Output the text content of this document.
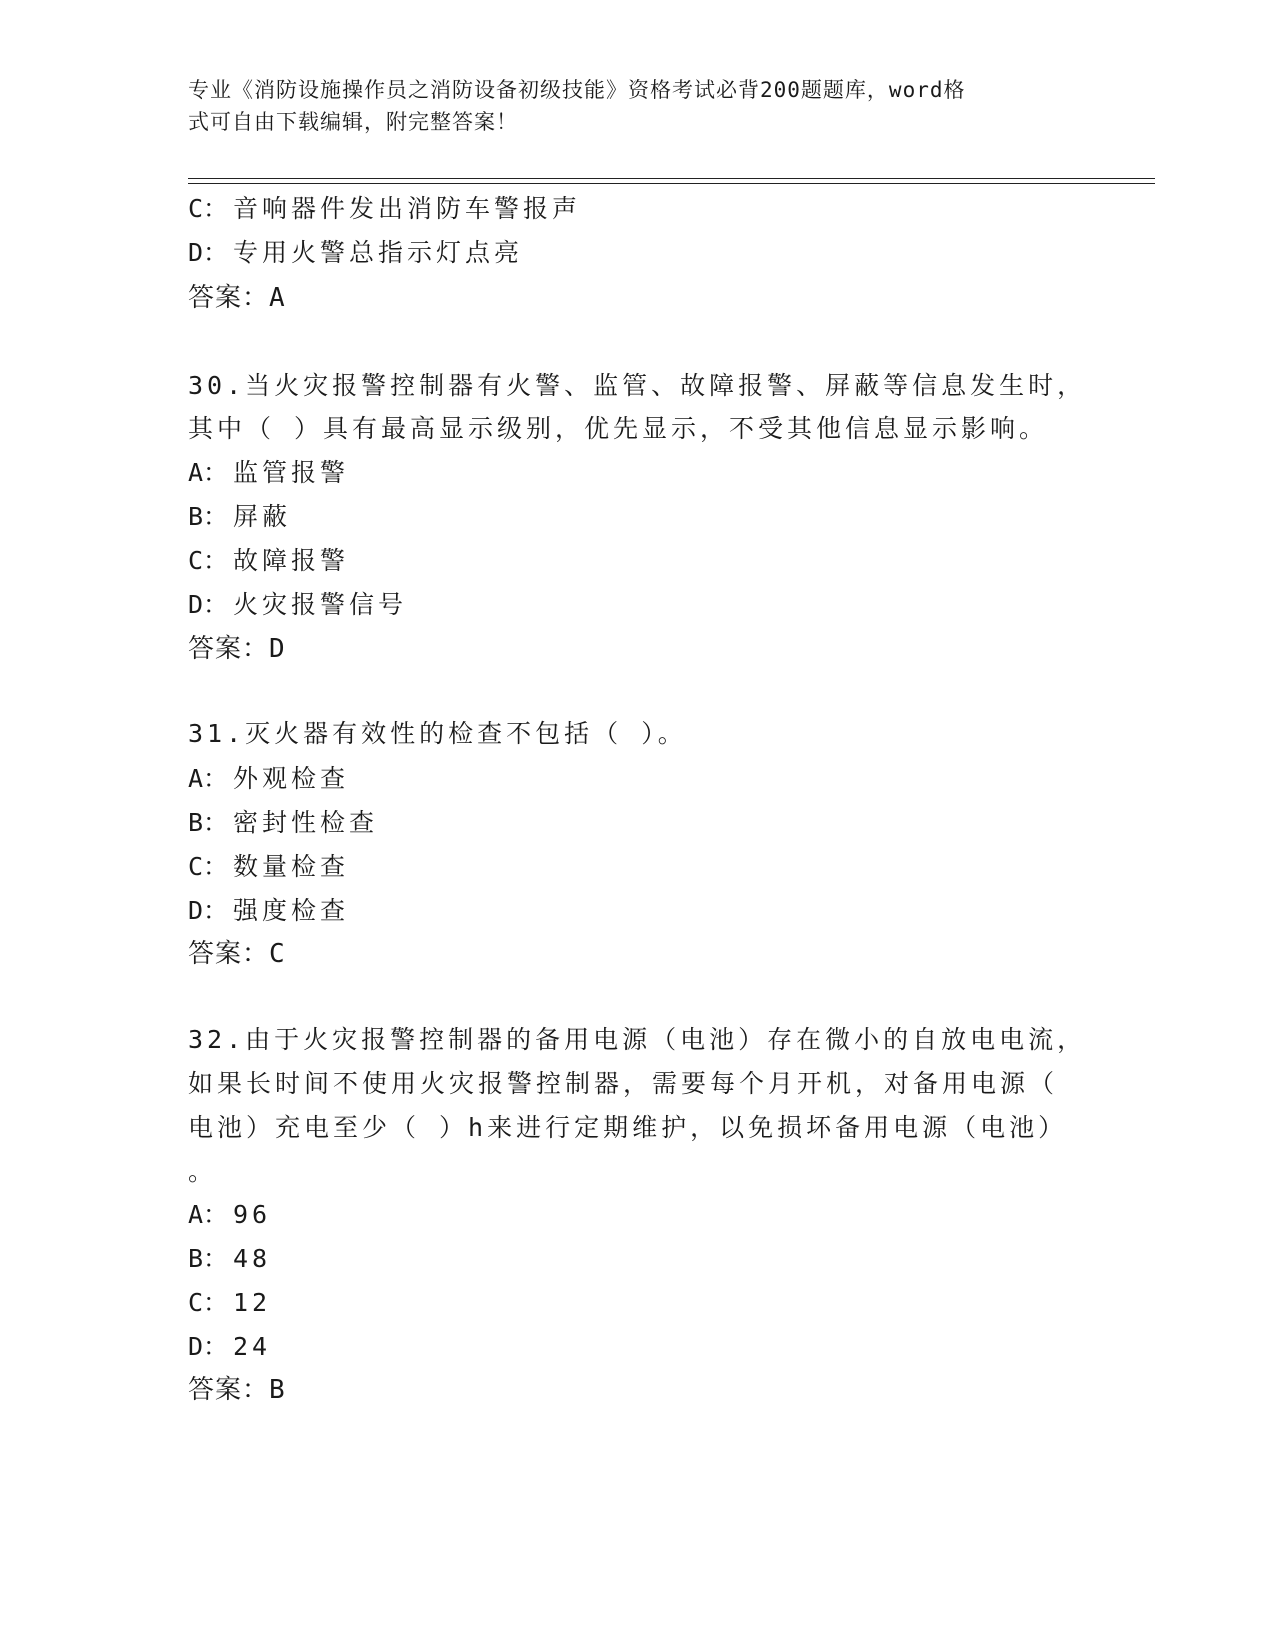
专业《消防设施操作员之消防设备初级技能》资格考试必背200题题库，word格
式可自由下载编辑，附完整答案！
C： 音响器件发出消防车警报声
D： 专用火警总指示灯点亮
答案：A
30.当火灾报警控制器有火警、监管、故障报警、屏蔽等信息发生时，
其中（ ）具有最高显示级别，优先显示，不受其他信息显示影响。
A： 监管报警
B： 屏蔽
C： 故障报警
D： 火灾报警信号
答案：D
31.灭火器有效性的检查不包括（ ）。
A： 外观检查
B： 密封性检查
C： 数量检查
D： 强度检查
答案：C
32.由于火灾报警控制器的备用电源（电池）存在微小的自放电电流，
如果长时间不使用火灾报警控制器，需要每个月开机，对备用电源（
电池）充电至少（ ）h来进行定期维护，以免损坏备用电源（电池）
。
A： 96
B： 48
C： 12
D： 24
答案：B
